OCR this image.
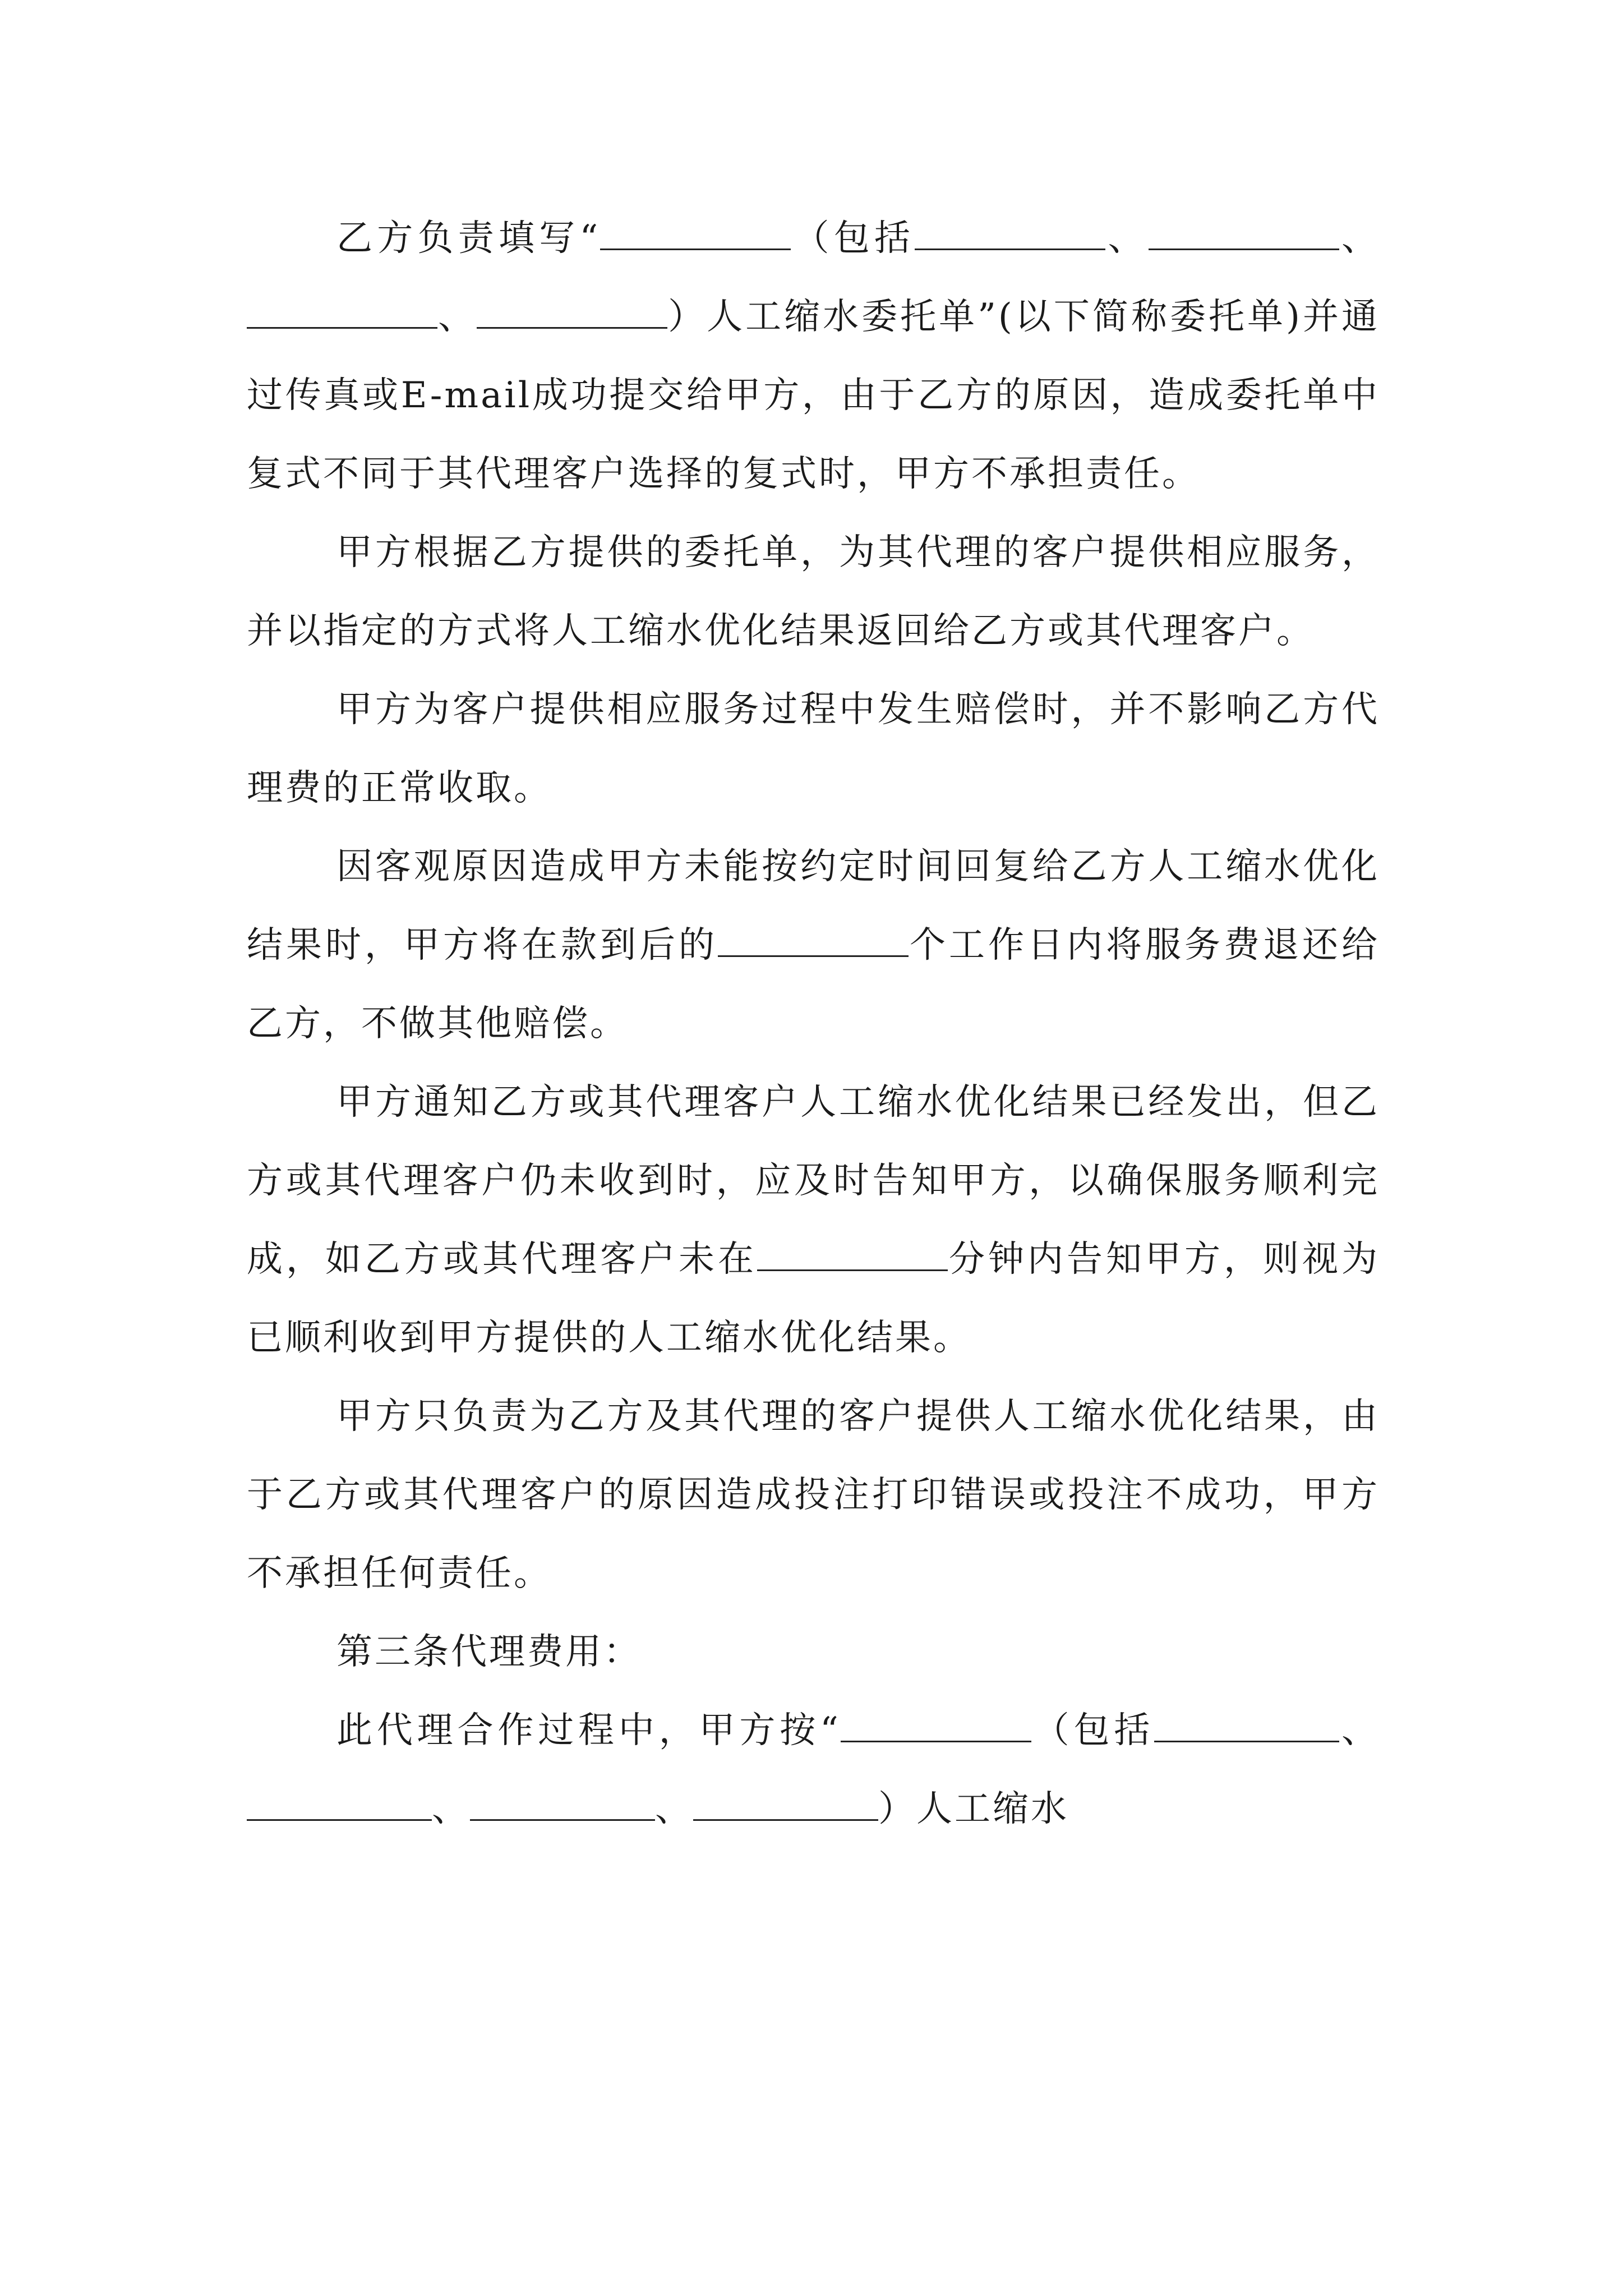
乙方负责填写“	（包括	、	、、	）人工缩水委托单”(以下简称委托单)并通过传真或E-mail成功提交给甲方，由于乙方的原因，造成委托单中复式不同于其代理客户选择的复式时，甲方不承担责任。

甲方根据乙方提供的委托单，为其代理的客户提供相应服务，并以指定的方式将人工缩水优化结果返回给乙方或其代理客户。

甲方为客户提供相应服务过程中发生赔偿时，并不影响乙方代理费的正常收取。

因客观原因造成甲方未能按约定时间回复给乙方人工缩水优化结果时，甲方将在款到后的	个工作日内将服务费退还给乙方，不做其他赔偿。

甲方通知乙方或其代理客户人工缩水优化结果已经发出，但乙方或其代理客户仍未收到时，应及时告知甲方，以确保服务顺利完成，如乙方或其代理客户未在	分钟内告知甲方，则视为已顺利收到甲方提供的人工缩水优化结果。

甲方只负责为乙方及其代理的客户提供人工缩水优化结果，由于乙方或其代理客户的原因造成投注打印错误或投注不成功，甲方不承担任何责任。

第三条代理费用：

此代理合作过程中，甲方按“	（包括	、、	、	）人工缩水
